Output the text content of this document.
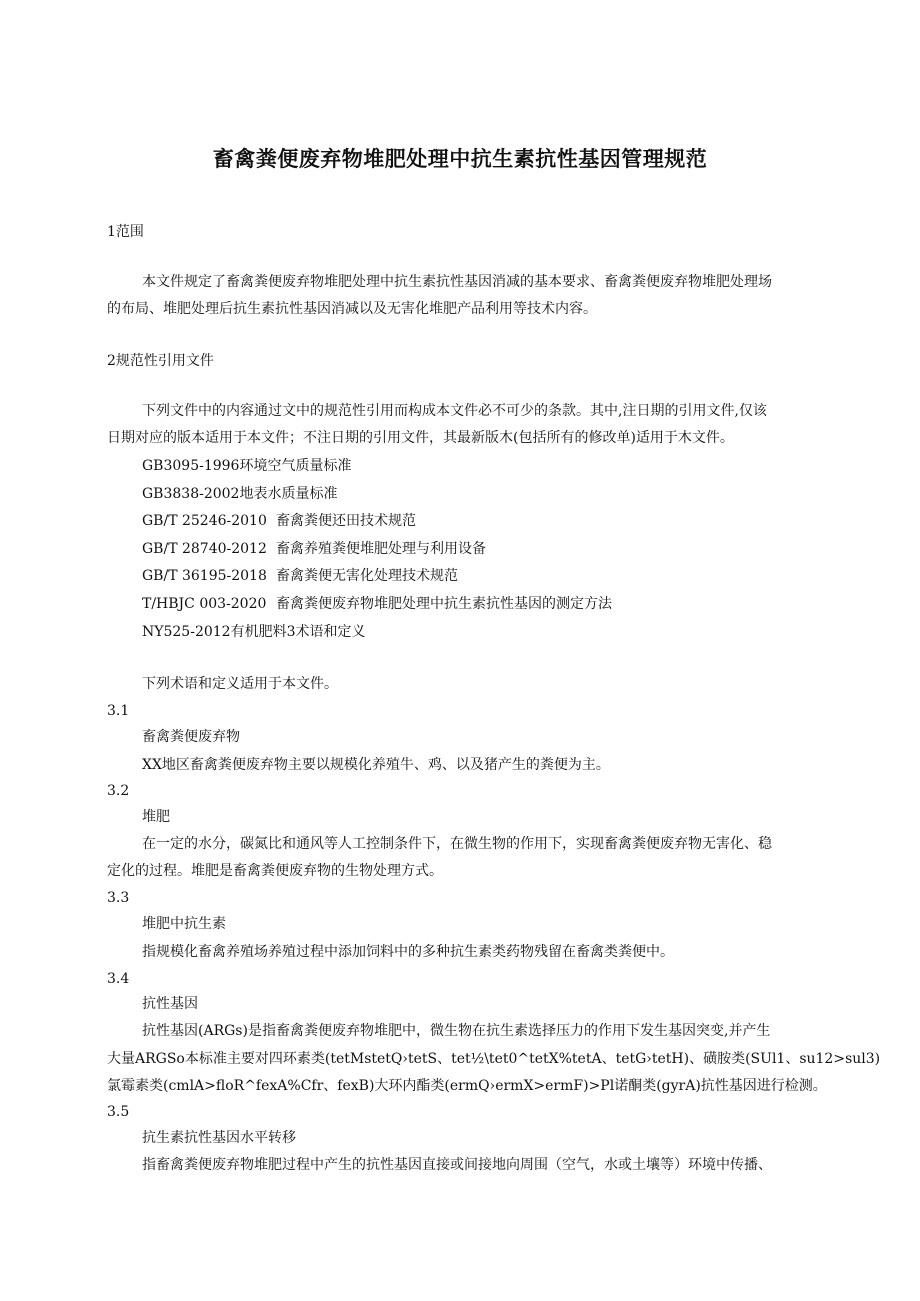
畜禽粪便废弃物堆肥处理中抗生素抗性基因管理规范

1范围

本文件规定了畜禽粪便废弃物堆肥处理中抗生素抗性基因消减的基本要求、畜禽粪便废弃物堆肥处理场

的布局、堆肥处理后抗生素抗性基因消减以及无害化堆肥产品利用等技术内容。

2规范性引用文件

下列文件中的内容通过文中的规范性引用而构成本文件必不可少的条款。其中,注日期的引用文件,仅该

日期对应的版本适用于本文件；不注日期的引用文件，其最新版木(包括所有的修改单)适用于木文件。

GB3095-1996环境空气质量标准

GB3838-2002地表水质量标准

GB/T 25246-2010 畜禽粪便还田技术规范

GB/T 28740-2012 畜禽养殖粪便堆肥处理与利用设备

GB/T 36195-2018 畜禽粪便无害化处理技术规范

T/HBJC 003-2020 畜禽粪便废弃物堆肥处理中抗生素抗性基因的测定方法

NY525-2012有机肥料3术语和定义

下列术语和定义适用于本文件。

3.1

畜禽粪便废弃物

XX地区畜禽粪便废弃物主要以规模化养殖牛、鸡、以及猪产生的粪便为主。

3.2

堆肥

在一定的水分，碳氮比和通风等人工控制条件下，在微生物的作用下，实现畜禽粪便废弃物无害化、稳

定化的过程。堆肥是畜禽粪便废弃物的生物处理方式。

3.3

堆肥中抗生素

指规模化畜禽养殖场养殖过程中添加饲料中的多种抗生素类药物残留在畜禽类粪便中。

3.4

抗性基因

抗性基因(ARGs)是指畜禽粪便废弃物堆肥中，微生物在抗生素选择压力的作用下发生基因突变,并产生

大量ARGSo本标准主要对四环素类(tetMstetQ›tetS、tet½\tet0^tetX%tetA、tetG›tetH)、磺胺类(SUl1、su12>sul3)

氯霉素类(cmlA>floR^fexA%Cfr、fexB)大环内酯类(ermQ›ermX>ermF)>Pl诺酮类(gyrA)抗性基因进行检测。

3.5

抗生素抗性基因水平转移

指畜禽粪便废弃物堆肥过程中产生的抗性基因直接或间接地向周围（空气，水或土壤等）环境中传播、
